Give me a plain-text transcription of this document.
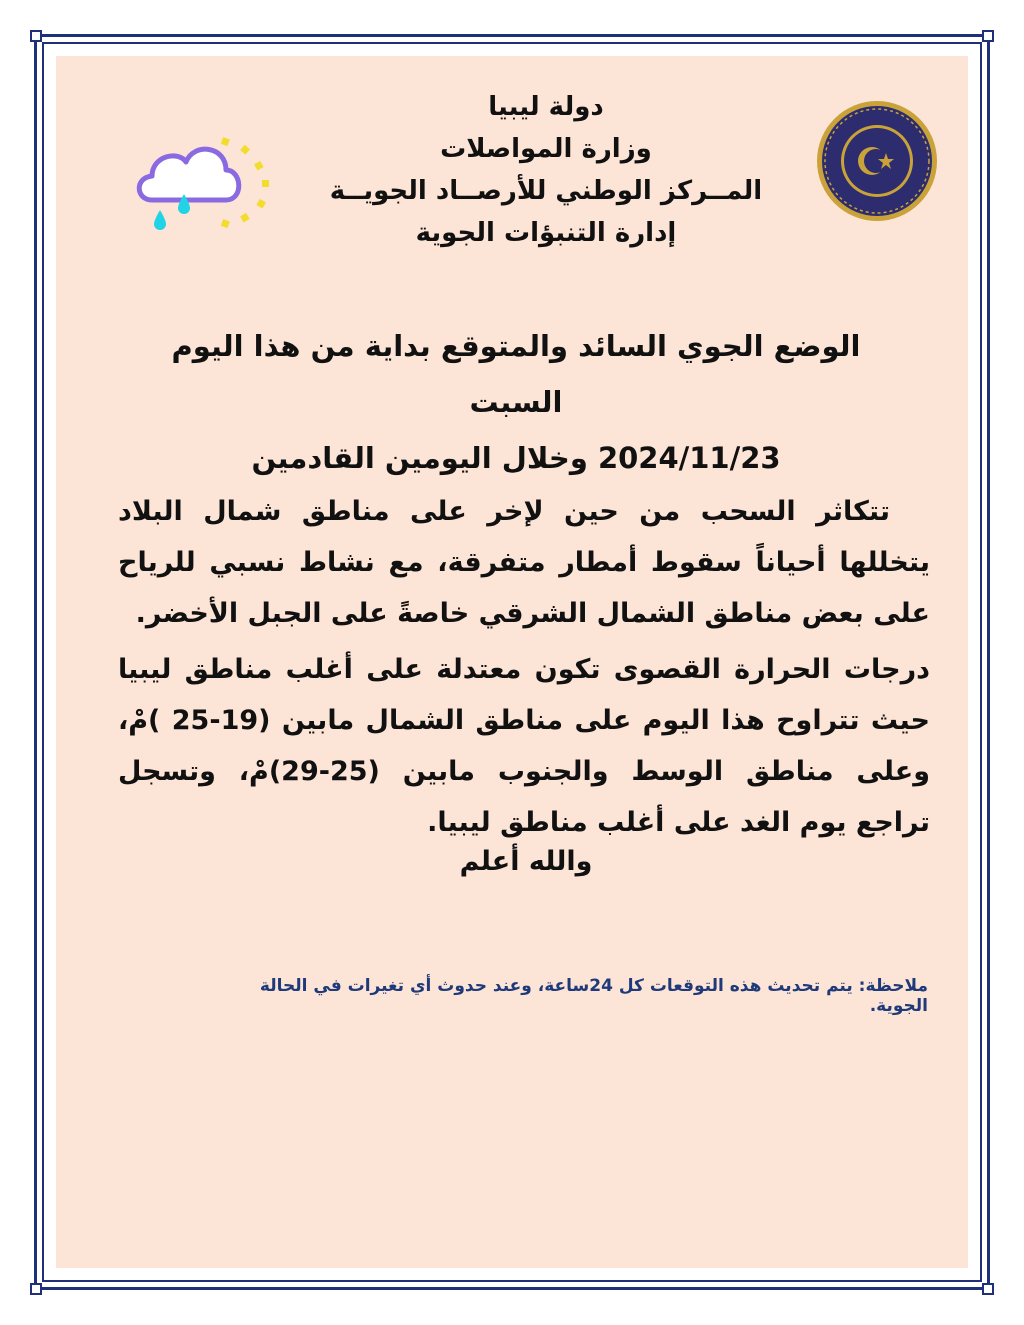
دولة ليبيا
وزارة المواصلات
المــركز الوطني للأرصــاد الجويــة
إدارة التنبؤات الجوية
الوضع الجوي السائد والمتوقع بداية من هذا اليوم السبت
2024/11/23 وخلال اليومين القادمين
تتكاثر السحب من حين لإخر على مناطق شمال البلاد يتخللها أحياناً سقوط أمطار متفرقة، مع نشاط نسبي للرياح على بعض مناطق الشمال الشرقي خاصةً على الجبل الأخضر.
درجات الحرارة القصوى تكون معتدلة على أغلب مناطق ليبيا حيث تتراوح هذا اليوم على مناطق الشمال مابين (19-25 )مْ، وعلى مناطق الوسط والجنوب مابين (25-29)مْ، وتسجل تراجع يوم الغد على أغلب مناطق ليبيا.
والله أعلم
ملاحظة: يتم تحديث هذه التوقعات كل 24ساعة، وعند حدوث أي تغيرات في الحالة الجوية.
